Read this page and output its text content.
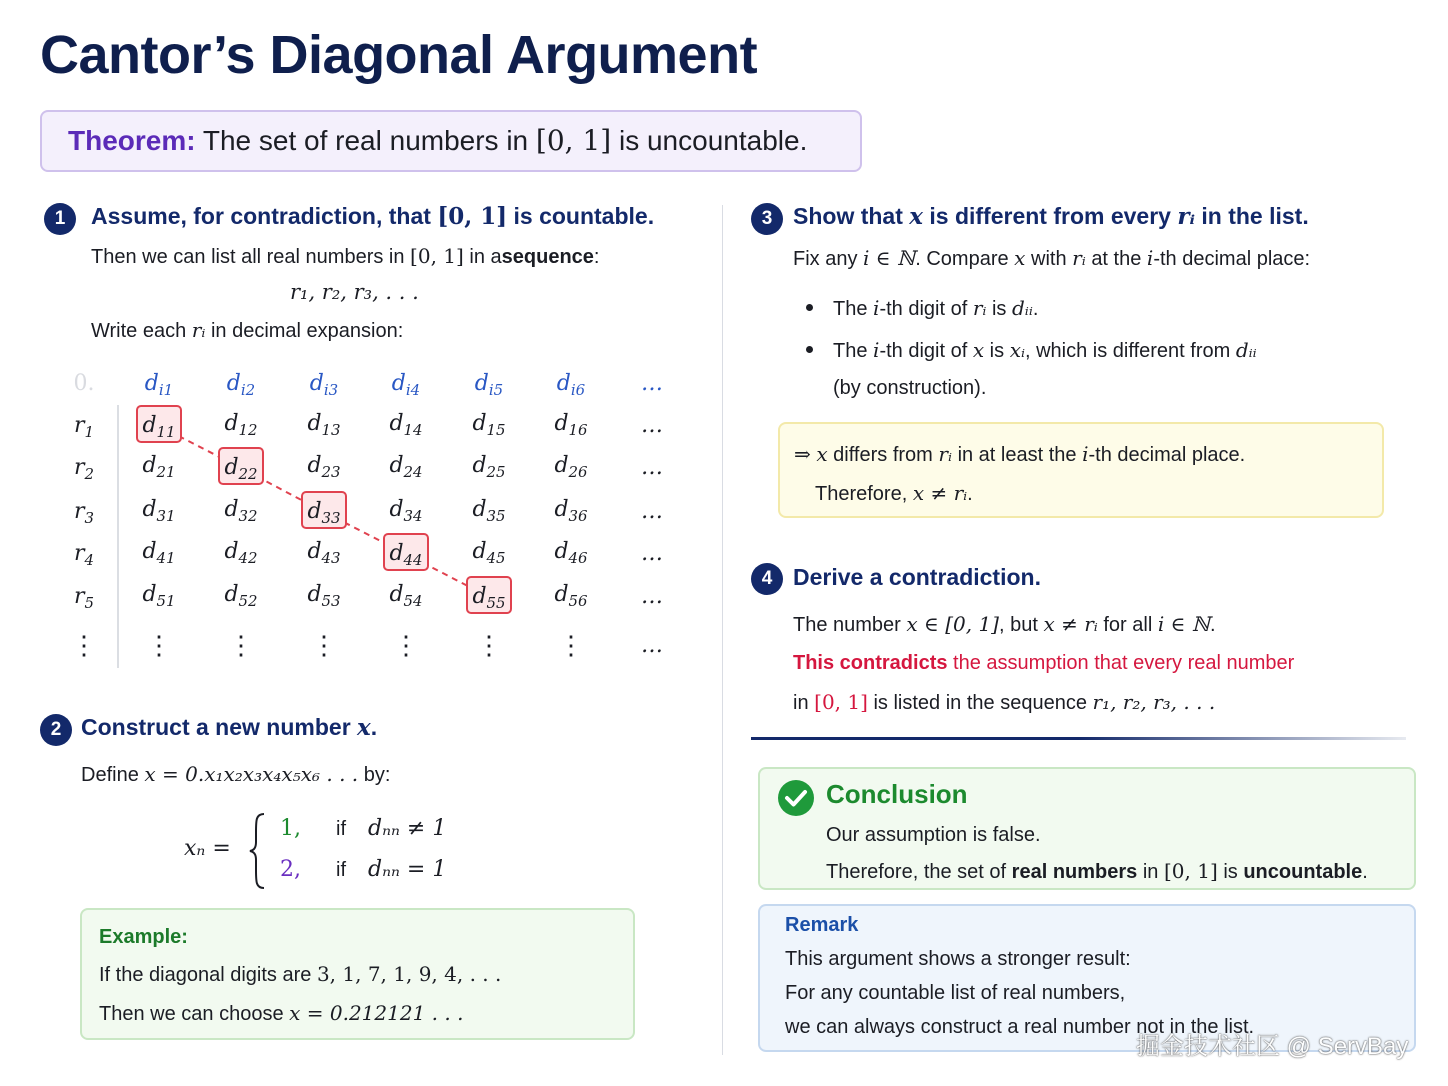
Cantor’s Diagonal Argument
Theorem: The set of real numbers in [0, 1] is uncountable.
1	Assume, for contradiction, that [0, 1] is countable.
Then we can list all real numbers in [0, 1] in asequence:
r₁, r₂, r₃, . . .
Write each rᵢ in decimal expansion:
0.	$d_{i1}$	$d_{i2}$	$d_{i3}$	$d_{i4}$	$d_{i5}$	$d_{i6}$	…
$r_1$	$d_{11}$ $d_{12}$ $d_{13}$ $d_{14}$ $d_{15}$ $d_{16}$	…
$r_2$	$d_{21}$ $d_{22}$ $d_{23}$ $d_{24}$ $d_{25}$ $d_{26}$	…
$r_3$	$d_{31}$ $d_{32}$ $d_{33}$ $d_{34}$ $d_{35}$ $d_{36}$	…
$r_4$	$d_{41}$ $d_{42}$ $d_{43}$ $d_{44}$ $d_{45}$ $d_{46}$	…
$r_5$	$d_{51}$ $d_{52}$ $d_{53}$ $d_{54}$ $d_{55}$ $d_{56}$	…
⋮	⋮	⋮	⋮	⋮	⋮	⋮	…
2 Construct a new number x.
Define x = 0.x₁x₂x₃x₄x₅x₆ . . . by:
xₙ =
1, if dₙₙ ≠ 1
2, if dₙₙ = 1
Example:
If the diagonal digits are 3, 1, 7, 1, 9, 4, . . .
Then we can choose x = 0.212121 . . .
3 Show that x is different from every rᵢ in the list.
Fix any i ∈ ℕ. Compare x with rᵢ at the i-th decimal place:
The i-th digit of rᵢ is dᵢᵢ.
The i-th digit of x is xᵢ, which is different from dᵢᵢ
(by construction).
⇒ x differs from rᵢ in at least the i-th decimal place.
Therefore, x ≠ rᵢ.
4 Derive a contradiction.
The number x ∈ [0, 1], but x ≠ rᵢ for all i ∈ ℕ.
This contradicts the assumption that every real number
in [0, 1] is listed in the sequence r₁, r₂, r₃, . . .
Conclusion
Our assumption is false.
Therefore, the set of real numbers in [0, 1] is uncountable.
Remark
This argument shows a stronger result:
For any countable list of real numbers,
we can always construct a real number not in the list.
掘金技术社区 @ ServBay
